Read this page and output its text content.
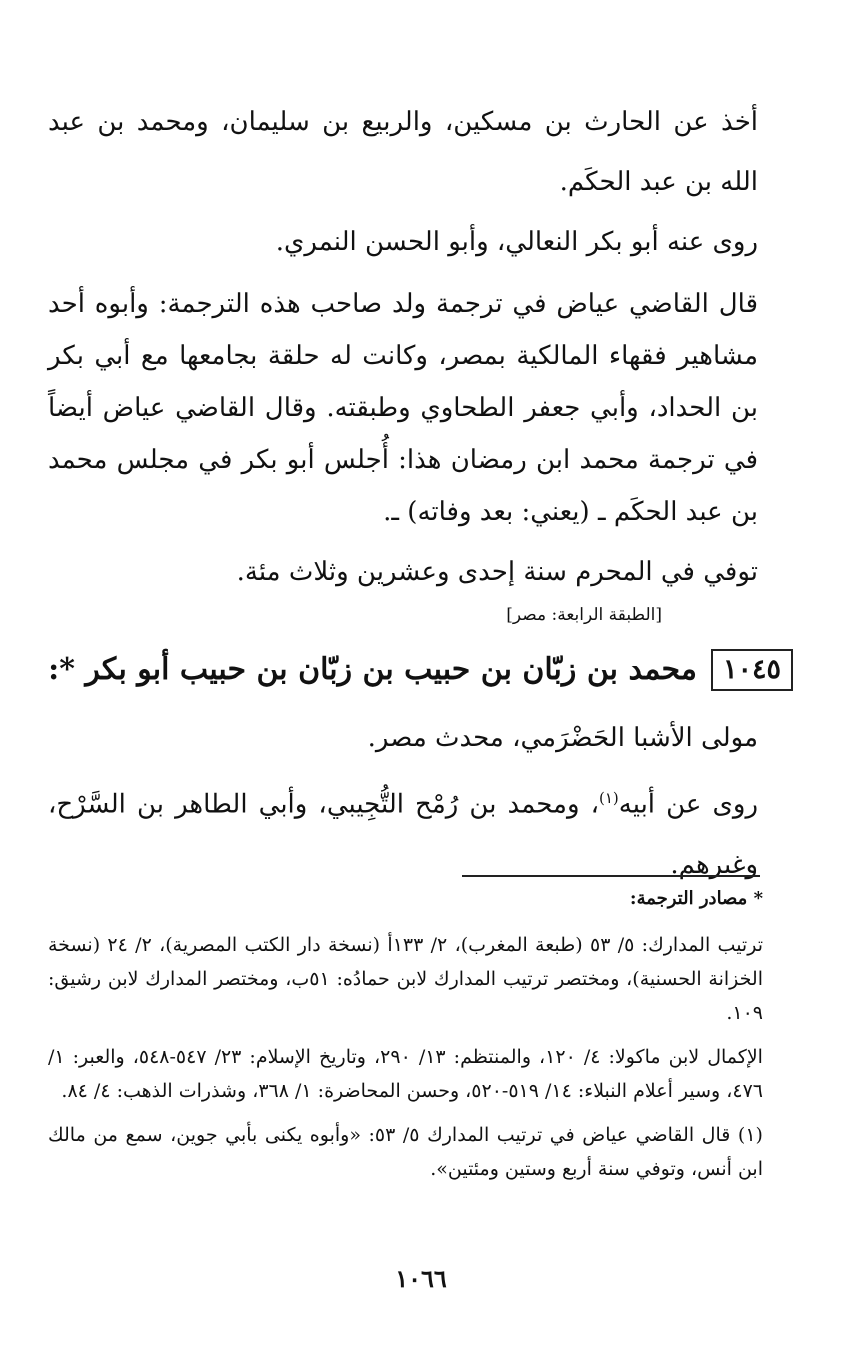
أخذ عن الحارث بن مسكين، والربيع بن سليمان، ومحمد بن عبد الله بن عبد الحكَم.

روى عنه أبو بكر النعالي، وأبو الحسن النمري.

قال القاضي عياض في ترجمة ولد صاحب هذه الترجمة: وأبوه أحد مشاهير فقهاء المالكية بمصر، وكانت له حلقة بجامعها مع أبي بكر بن الحداد، وأبي جعفر الطحاوي وطبقته. وقال القاضي عياض أيضاً في ترجمة محمد ابن رمضان هذا: أُجلس أبو بكر في مجلس محمد بن عبد الحكَم ـ (يعني: بعد وفاته) ـ.

توفي في المحرم سنة إحدى وعشرين وثلاث مئة.

[الطبقة الرابعة: مصر]
١٠٤٥
محمد بن زبّان بن حبيب بن زبّان بن حبيب أبو بكر *:

مولى الأشبا الحَضْرَمي، محدث مصر.

روى عن أبيه$^{(١)}$، ومحمد بن رُمْح التُّجِيبي، وأبي الطاهر بن السَّرْح، وغيرهم.

* مصادر الترجمة:

ترتيب المدارك: ٥/ ٥٣ (طبعة المغرب)، ٢/ ١٣٣أ (نسخة دار الكتب المصرية)، ٢/ ٢٤ (نسخة الخزانة الحسنية)، ومختصر ترتيب المدارك لابن حمادُه: ٥١ب، ومختصر المدارك لابن رشيق: ١٠٩.

الإكمال لابن ماكولا: ٤/ ١٢٠، والمنتظم: ١٣/ ٢٩٠، وتاريخ الإسلام: ٢٣/ ٥٤٧-٥٤٨، والعبر: ١/ ٤٧٦، وسير أعلام النبلاء: ١٤/ ٥١٩-٥٢٠، وحسن المحاضرة: ١/ ٣٦٨، وشذرات الذهب: ٤/ ٨٤.

(١) قال القاضي عياض في ترتيب المدارك ٥/ ٥٣: «وأبوه يكنى بأبي جوين، سمع من مالك ابن أنس، وتوفي سنة أربع وستين ومئتين».

١٠٦٦
